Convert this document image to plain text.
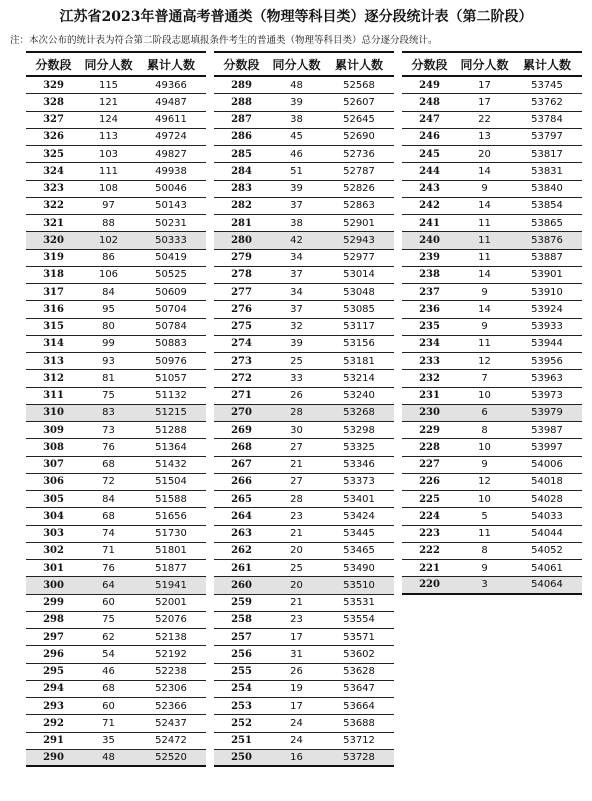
江苏省2023年普通高考普通类（物理等科目类）逐分段统计表（第二阶段）
注：本次公布的统计表为符合第二阶段志愿填报条件考生的普通类（物理等科目类）总分逐分段统计。
分数段	同分人数	累计人数
329	115	49366
328	121	49487
327	124	49611
326	113	49724
325	103	49827
324	111	49938
323	108	50046
322	97	50143
321	88	50231
320	102	50333
319	86	50419
318	106	50525
317	84	50609
316	95	50704
315	80	50784
314	99	50883
313	93	50976
312	81	51057
311	75	51132
310	83	51215
309	73	51288
308	76	51364
307	68	51432
306	72	51504
305	84	51588
304	68	51656
303	74	51730
302	71	51801
301	76	51877
300	64	51941
299	60	52001
298	75	52076
297	62	52138
296	54	52192
295	46	52238
294	68	52306
293	60	52366
292	71	52437
291	35	52472
290	48	52520
分数段	同分人数	累计人数
289	48	52568
288	39	52607
287	38	52645
286	45	52690
285	46	52736
284	51	52787
283	39	52826
282	37	52863
281	38	52901
280	42	52943
279	34	52977
278	37	53014
277	34	53048
276	37	53085
275	32	53117
274	39	53156
273	25	53181
272	33	53214
271	26	53240
270	28	53268
269	30	53298
268	27	53325
267	21	53346
266	27	53373
265	28	53401
264	23	53424
263	21	53445
262	20	53465
261	25	53490
260	20	53510
259	21	53531
258	23	53554
257	17	53571
256	31	53602
255	26	53628
254	19	53647
253	17	53664
252	24	53688
251	24	53712
250	16	53728
分数段	同分人数	累计人数
249	17	53745
248	17	53762
247	22	53784
246	13	53797
245	20	53817
244	14	53831
243	9	53840
242	14	53854
241	11	53865
240	11	53876
239	11	53887
238	14	53901
237	9	53910
236	14	53924
235	9	53933
234	11	53944
233	12	53956
232	7	53963
231	10	53973
230	6	53979
229	8	53987
228	10	53997
227	9	54006
226	12	54018
225	10	54028
224	5	54033
223	11	54044
222	8	54052
221	9	54061
220	3	54064
